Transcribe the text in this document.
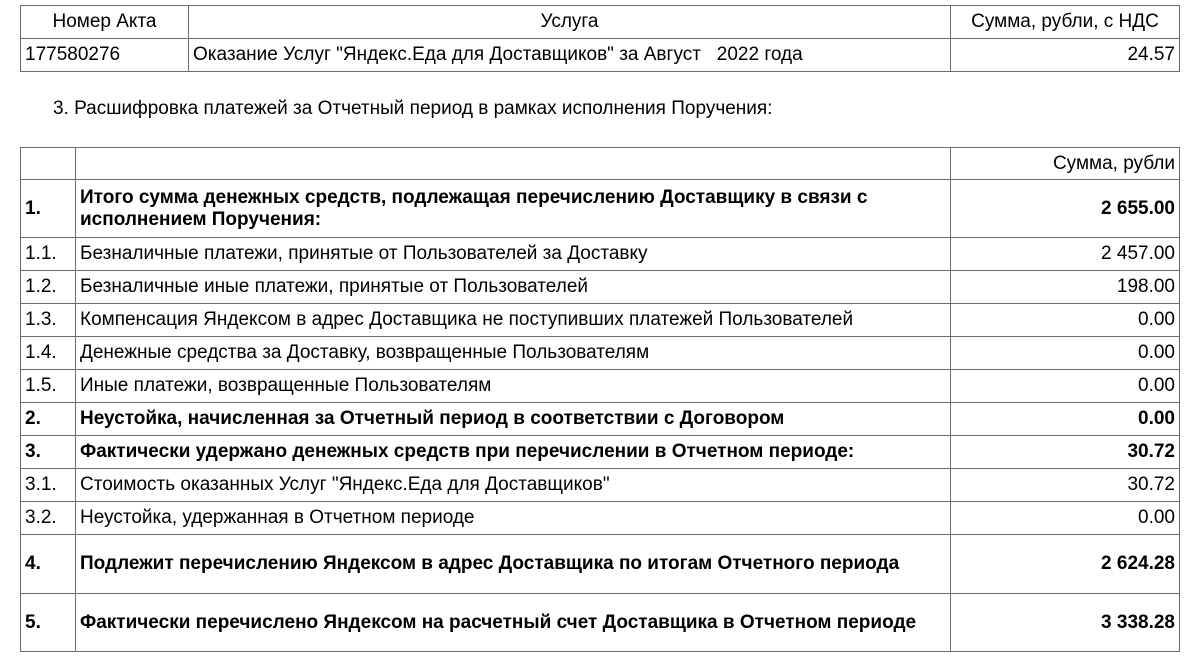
Номер Акта	Услуга	Сумма, рубли, с НДС
177580276	Оказание Услуг "Яндекс.Еда для Доставщиков" за Август   2022 года	24.57
3. Расшифровка платежей за Отчетный период в рамках исполнения Поручения:
		Сумма, рубли
1.	Итого сумма денежных средств, подлежащая перечислению Доставщику в связи с исполнением Поручения:	2 655.00
1.1.	Безналичные платежи, принятые от Пользователей за Доставку	2 457.00
1.2.	Безналичные иные платежи, принятые от Пользователей	198.00
1.3.	Компенсация Яндексом в адрес Доставщика не поступивших платежей Пользователей	0.00
1.4.	Денежные средства за Доставку, возвращенные Пользователям	0.00
1.5.	Иные платежи, возвращенные Пользователям	0.00
2.	Неустойка, начисленная за Отчетный период в соответствии с Договором	0.00
3.	Фактически удержано денежных средств при перечислении в Отчетном периоде:	30.72
3.1.	Стоимость оказанных Услуг "Яндекс.Еда для Доставщиков"	30.72
3.2.	Неустойка, удержанная в Отчетном периоде	0.00
4.	Подлежит перечислению Яндексом в адрес Доставщика по итогам Отчетного периода	2 624.28
5.	Фактически перечислено Яндексом на расчетный счет Доставщика в Отчетном периоде	3 338.28
